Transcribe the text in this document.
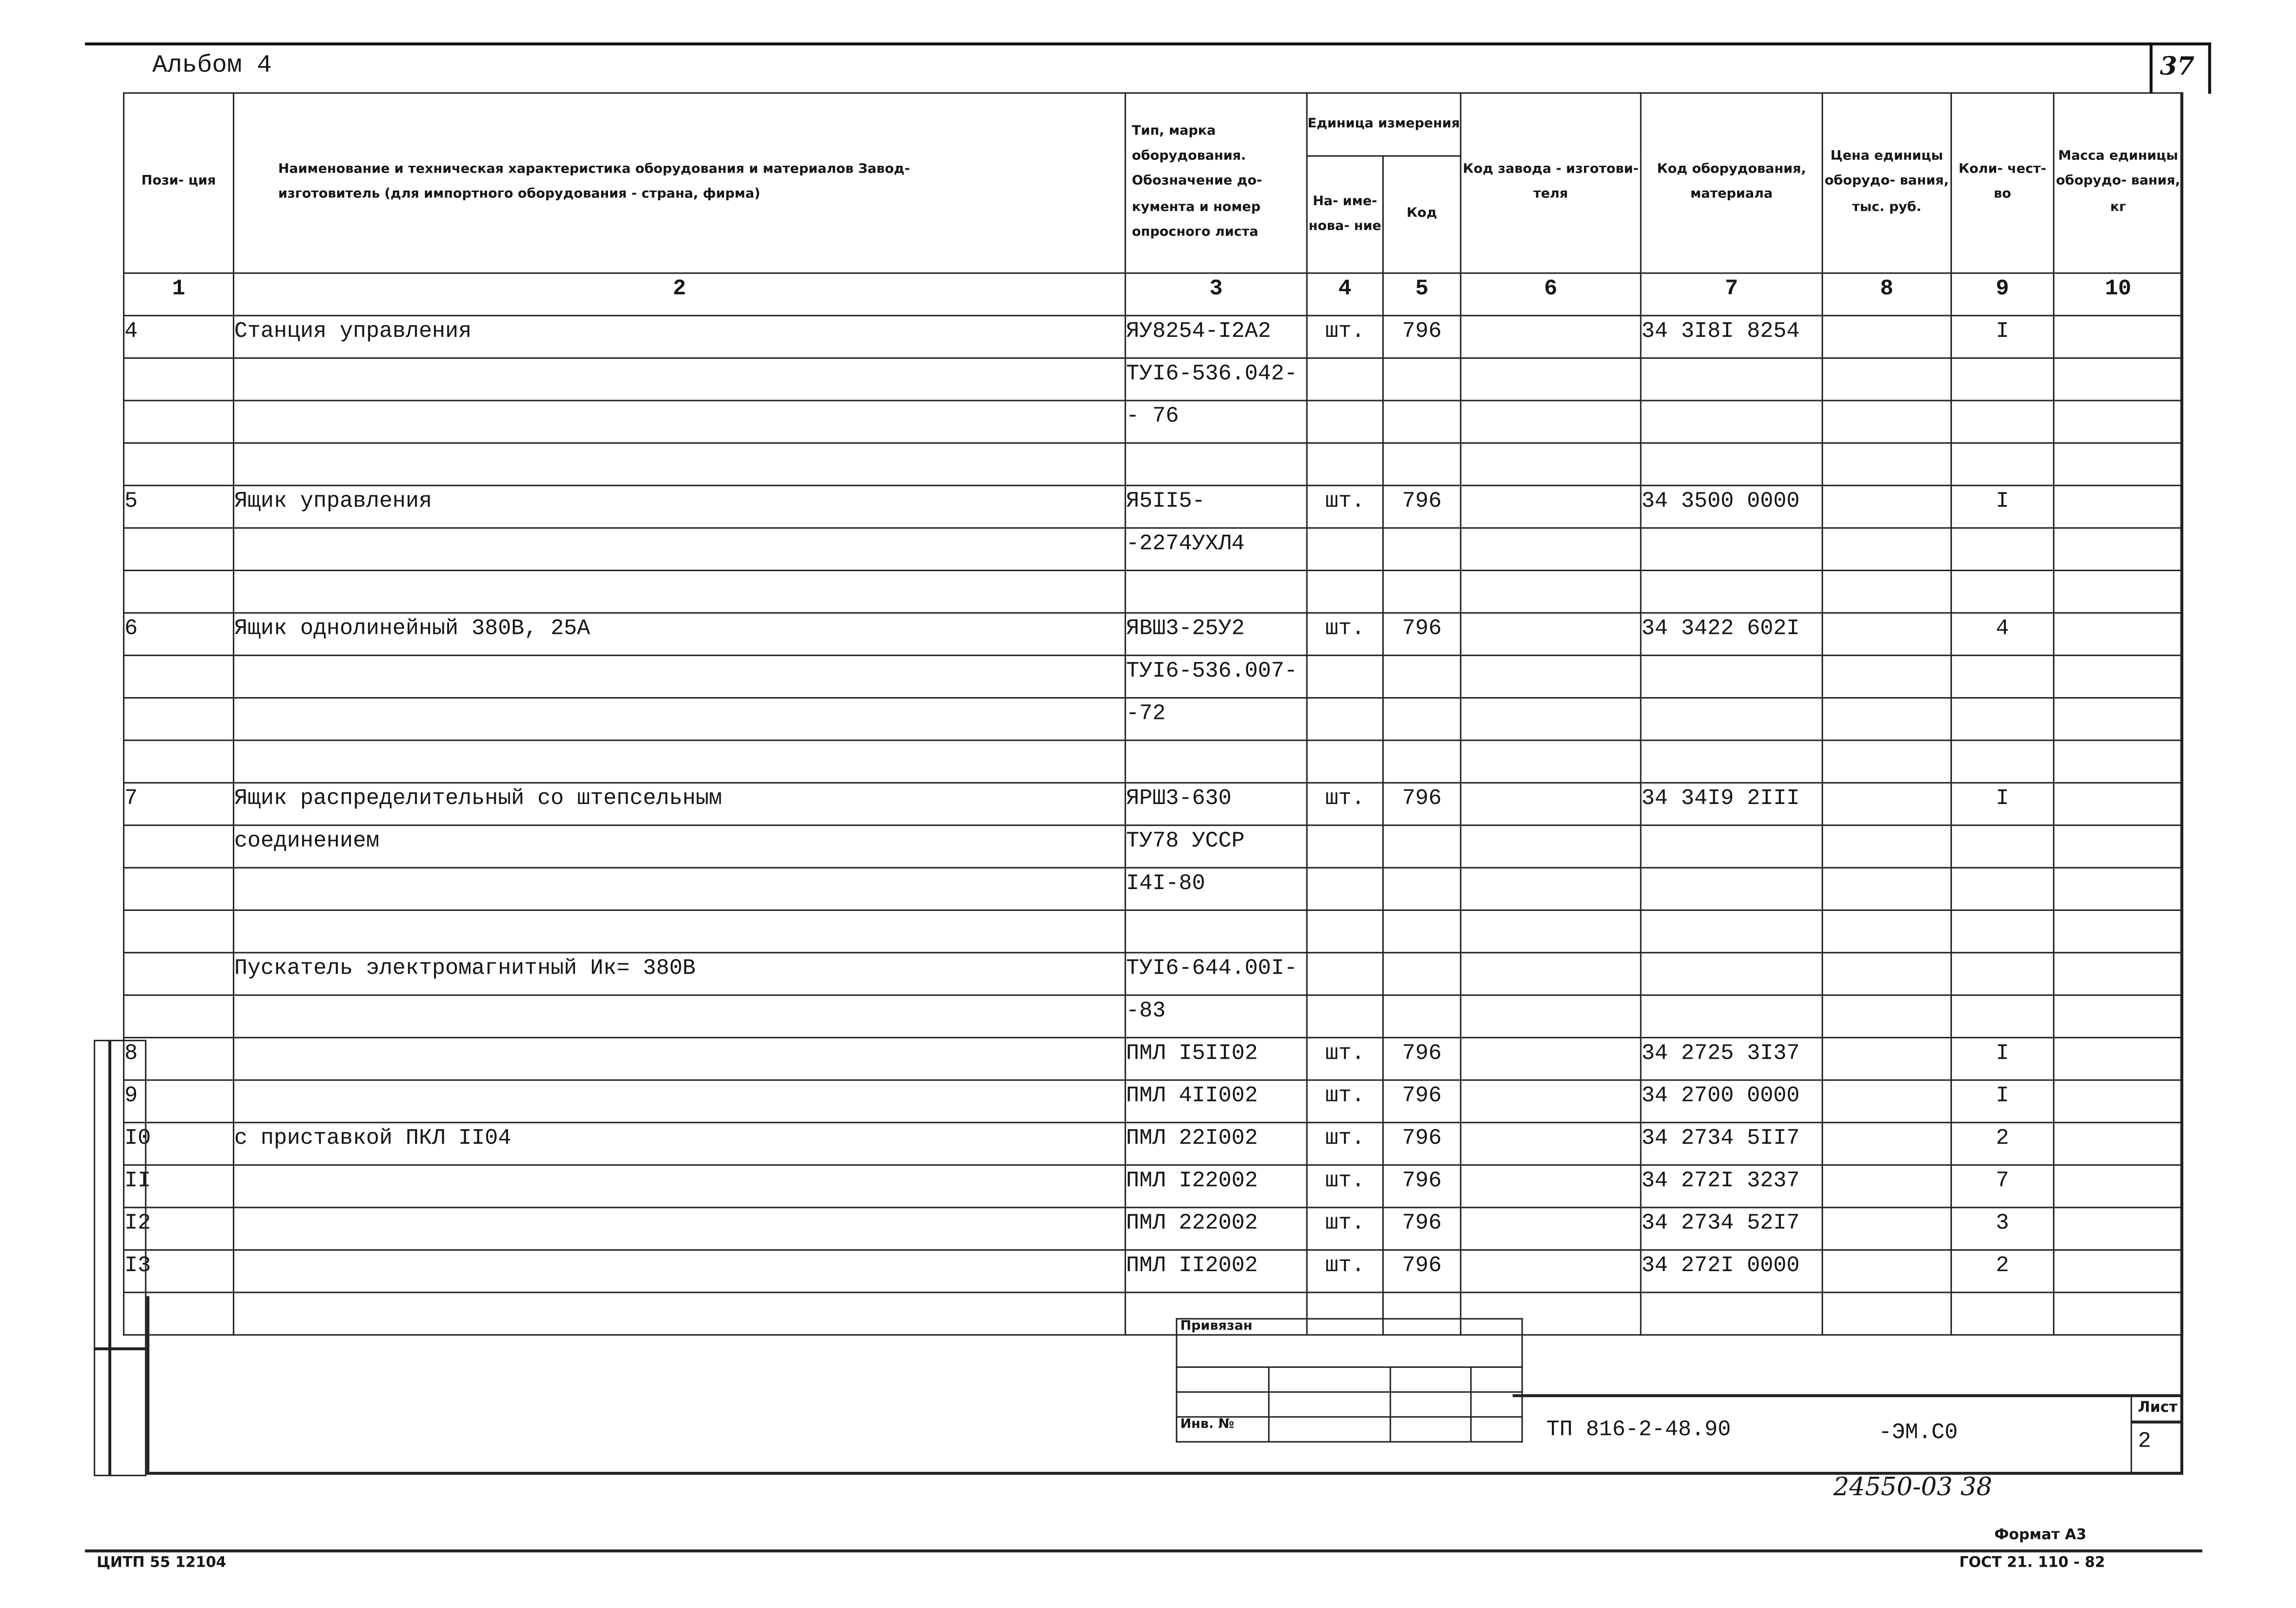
Альбом 4	37
Пози- ция	Наименование и техническая характеристика оборудования и материалов Завод-изготовитель (для импортного оборудования - страна, фирма)	Тип, марка оборудования. Обозначение до- кумента и номер опросного листа	Единица измерения		Код завода - изготови- теля	Код оборудования, материала	Цена единицы оборудо- вания, тыс. руб.	Коли- чест- во	Масса единицы оборудо- вания, кг
			На- име- нова- ние	Код					
1	2	3	4	5	6	7	8	9	10
4	Станция управления	ЯУ8254-I2А2	шт.	796		34 3I8I 8254		I	
		ТУI6-536.042-							
		- 76							

5	Ящик управления	Я5II5-	шт.	796		34 3500 0000		I	
		-2274УХЛ4							

6	Ящик однолинейный 380В, 25А	ЯВШ3-25У2	шт.	796		34 3422 602I		4	
		ТУI6-536.007-							
		-72							

7	Ящик распределительный со штепсельным	ЯРШ3-630	шт.	796		34 34I9 2III		I	
	соединением	ТУ78 УССР							
		I4I-80							

	Пускатель электромагнитный Ик= 380В	ТУI6-644.00I-							
		-83							
8		ПМЛ I5II02	шт.	796		34 2725 3I37		I	
9		ПМЛ 4II002	шт.	796		34 2700 0000		I	
I0	с приставкой ПКЛ II04	ПМЛ 22I002	шт.	796		34 2734 5II7		2	
II		ПМЛ I22002	шт.	796		34 272I 3237		7	
I2		ПМЛ 222002	шт.	796		34 2734 52I7		3	
I3		ПМЛ II2002	шт.	796		34 272I 0000		2	

Привязан			

Инв. №				ТП 816-2-48.90	-ЭМ.С0
Лист
2
24550-03 38
ЦИТП 55 12104
Формат А3
ГОСТ 21. 110 - 82
